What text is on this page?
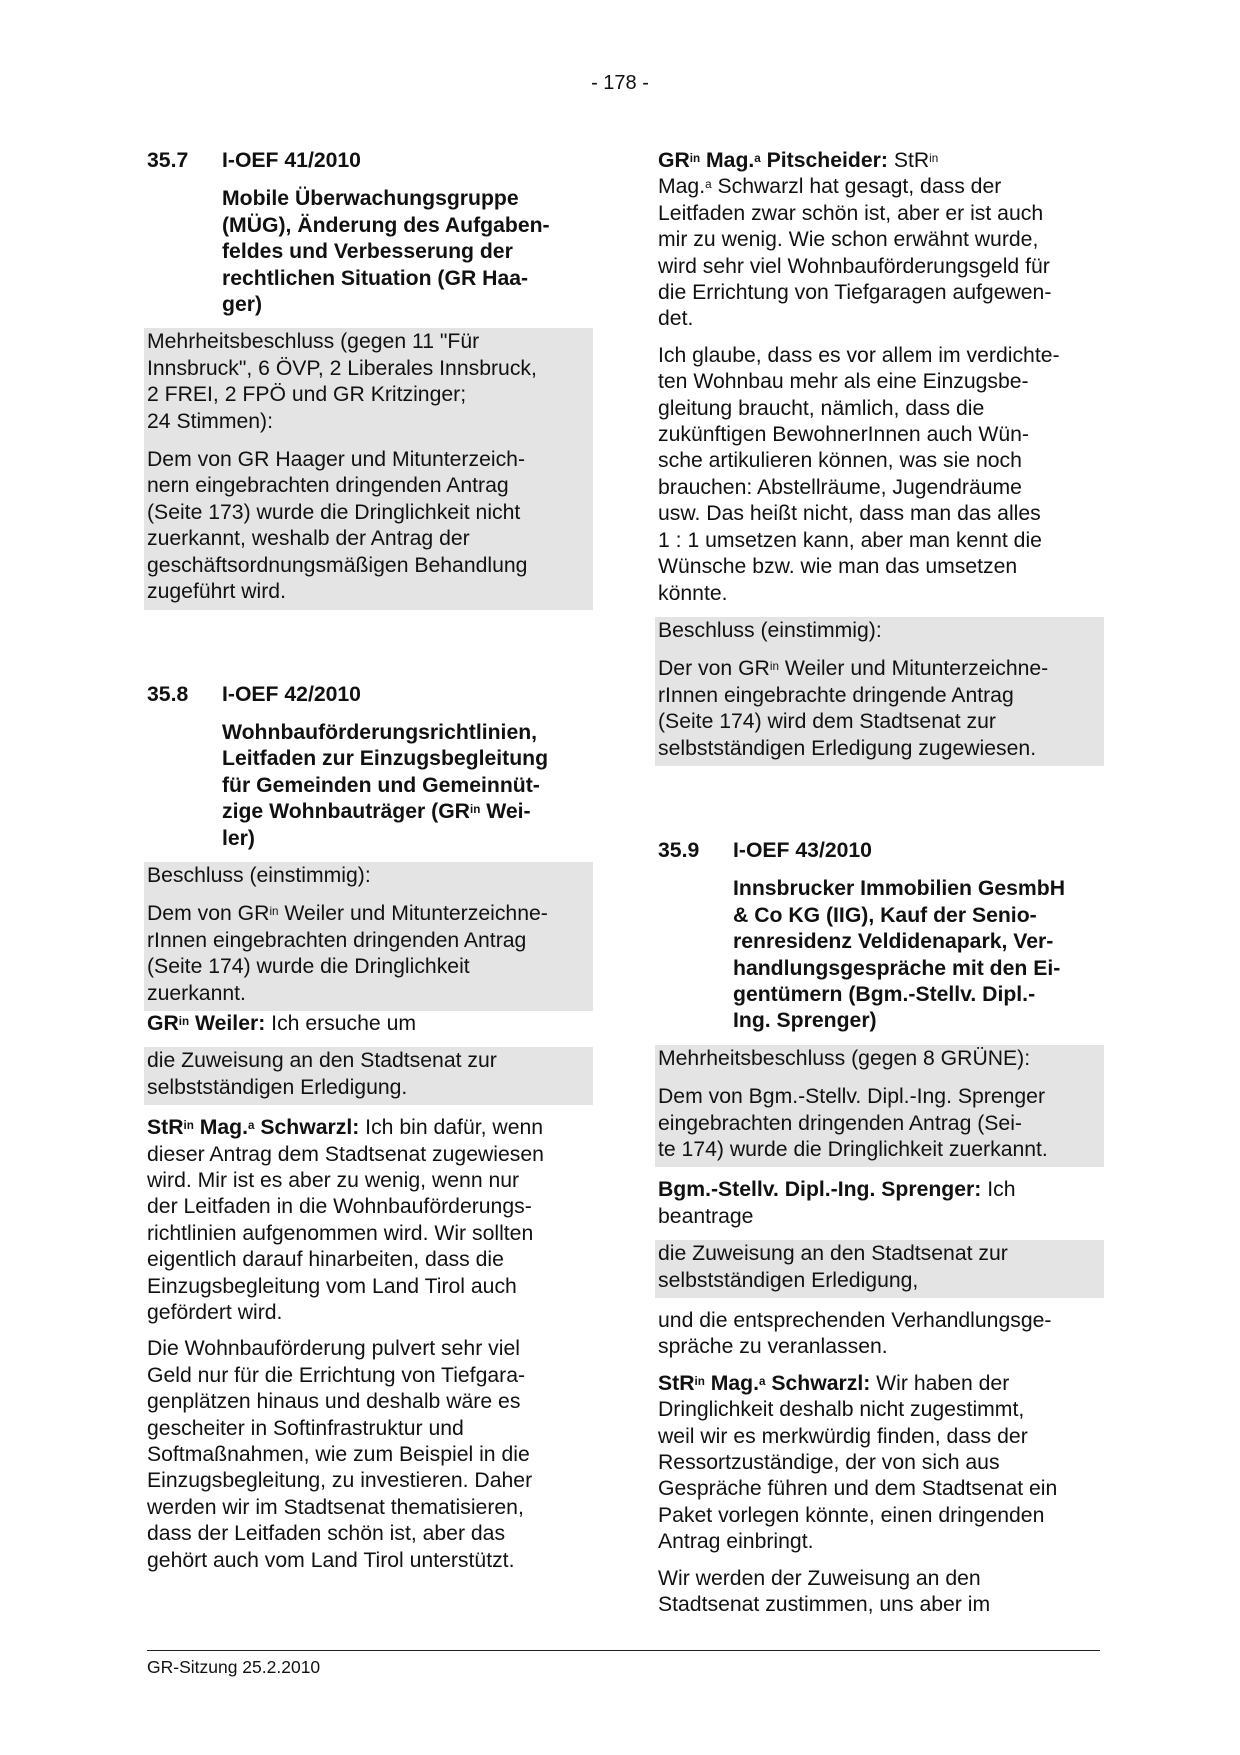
- 178 -
35.7	I-OEF 41/2010
Mobile Überwachungsgruppe
(MÜG), Änderung des Aufgaben-
feldes und Verbesserung der
rechtlichen Situation (GR Haa-
ger)
Mehrheitsbeschluss (gegen 11 "Für
Innsbruck", 6 ÖVP, 2 Liberales Innsbruck,
2 FREI, 2 FPÖ und GR Kritzinger;
24 Stimmen):
Dem von GR Haager und Mitunterzeich-
nern eingebrachten dringenden Antrag
(Seite 173) wurde die Dringlichkeit nicht
zuerkannt, weshalb der Antrag der
geschäftsordnungsmäßigen Behandlung
zugeführt wird.
35.8	I-OEF 42/2010
Wohnbauförderungsrichtlinien,
Leitfaden zur Einzugsbegleitung
für Gemeinden und Gemeinnüt-
zige Wohnbauträger ($GR^{in}$ Wei-
ler)
Beschluss (einstimmig):
Dem von $GR^{in}$ Weiler und Mitunterzeichne-
rInnen eingebrachten dringenden Antrag
(Seite 174) wurde die Dringlichkeit
zuerkannt.

$GR^{in}$ Weiler: Ich ersuche um

die Zuweisung an den Stadtsenat zur
selbstständigen Erledigung.
StR$^{in}$ Mag.$^a$ Schwarzl: Ich bin dafür, wenn
dieser Antrag dem Stadtsenat zugewiesen
wird. Mir ist es aber zu wenig, wenn nur
der Leitfaden in die Wohnbauförderungs-
richtlinien aufgenommen wird. Wir sollten
eigentlich darauf hinarbeiten, dass die
Einzugsbegleitung vom Land Tirol auch
gefördert wird.
Die Wohnbauförderung pulvert sehr viel
Geld nur für die Errichtung von Tiefgara-
genplätzen hinaus und deshalb wäre es
gescheiter in Softinfrastruktur und
Softmaßnahmen, wie zum Beispiel in die
Einzugsbegleitung, zu investieren. Daher
werden wir im Stadtsenat thematisieren,
dass der Leitfaden schön ist, aber das
gehört auch vom Land Tirol unterstützt.
$GR^{in}$ Mag.$^a$ Pitscheider: StR$^{in}$
Mag.$^a$ Schwarzl hat gesagt, dass der
Leitfaden zwar schön ist, aber er ist auch
mir zu wenig. Wie schon erwähnt wurde,
wird sehr viel Wohnbauförderungsgeld für
die Errichtung von Tiefgaragen aufgewen-
det.
Ich glaube, dass es vor allem im verdichte-
ten Wohnbau mehr als eine Einzugsbe-
gleitung braucht, nämlich, dass die
zukünftigen BewohnerInnen auch Wün-
sche artikulieren können, was sie noch
brauchen: Abstellräume, Jugendräume
usw. Das heißt nicht, dass man das alles
1 : 1 umsetzen kann, aber man kennt die
Wünsche bzw. wie man das umsetzen
könnte.
Beschluss (einstimmig):
Der von $GR^{in}$ Weiler und Mitunterzeichne-
rInnen eingebrachte dringende Antrag
(Seite 174) wird dem Stadtsenat zur
selbstständigen Erledigung zugewiesen.
35.9	I-OEF 43/2010
Innsbrucker Immobilien GesmbH
& Co KG (IIG), Kauf der Senio-
renresidenz Veldidenapark, Ver-
handlungsgespräche mit den Ei-
gentümern (Bgm.-Stellv. Dipl.-
Ing. Sprenger)
Mehrheitsbeschluss (gegen 8 GRÜNE):
Dem von Bgm.-Stellv. Dipl.-Ing. Sprenger
eingebrachten dringenden Antrag (Sei-
te 174) wurde die Dringlichkeit zuerkannt.
Bgm.-Stellv. Dipl.-Ing. Sprenger: Ich
beantrage
die Zuweisung an den Stadtsenat zur
selbstständigen Erledigung,
und die entsprechenden Verhandlungsge-
spräche zu veranlassen.
StR$^{in}$ Mag.$^a$ Schwarzl: Wir haben der
Dringlichkeit deshalb nicht zugestimmt,
weil wir es merkwürdig finden, dass der
Ressortzuständige, der von sich aus
Gespräche führen und dem Stadtsenat ein
Paket vorlegen könnte, einen dringenden
Antrag einbringt.
Wir werden der Zuweisung an den
Stadtsenat zustimmen, uns aber im
GR-Sitzung 25.2.2010
